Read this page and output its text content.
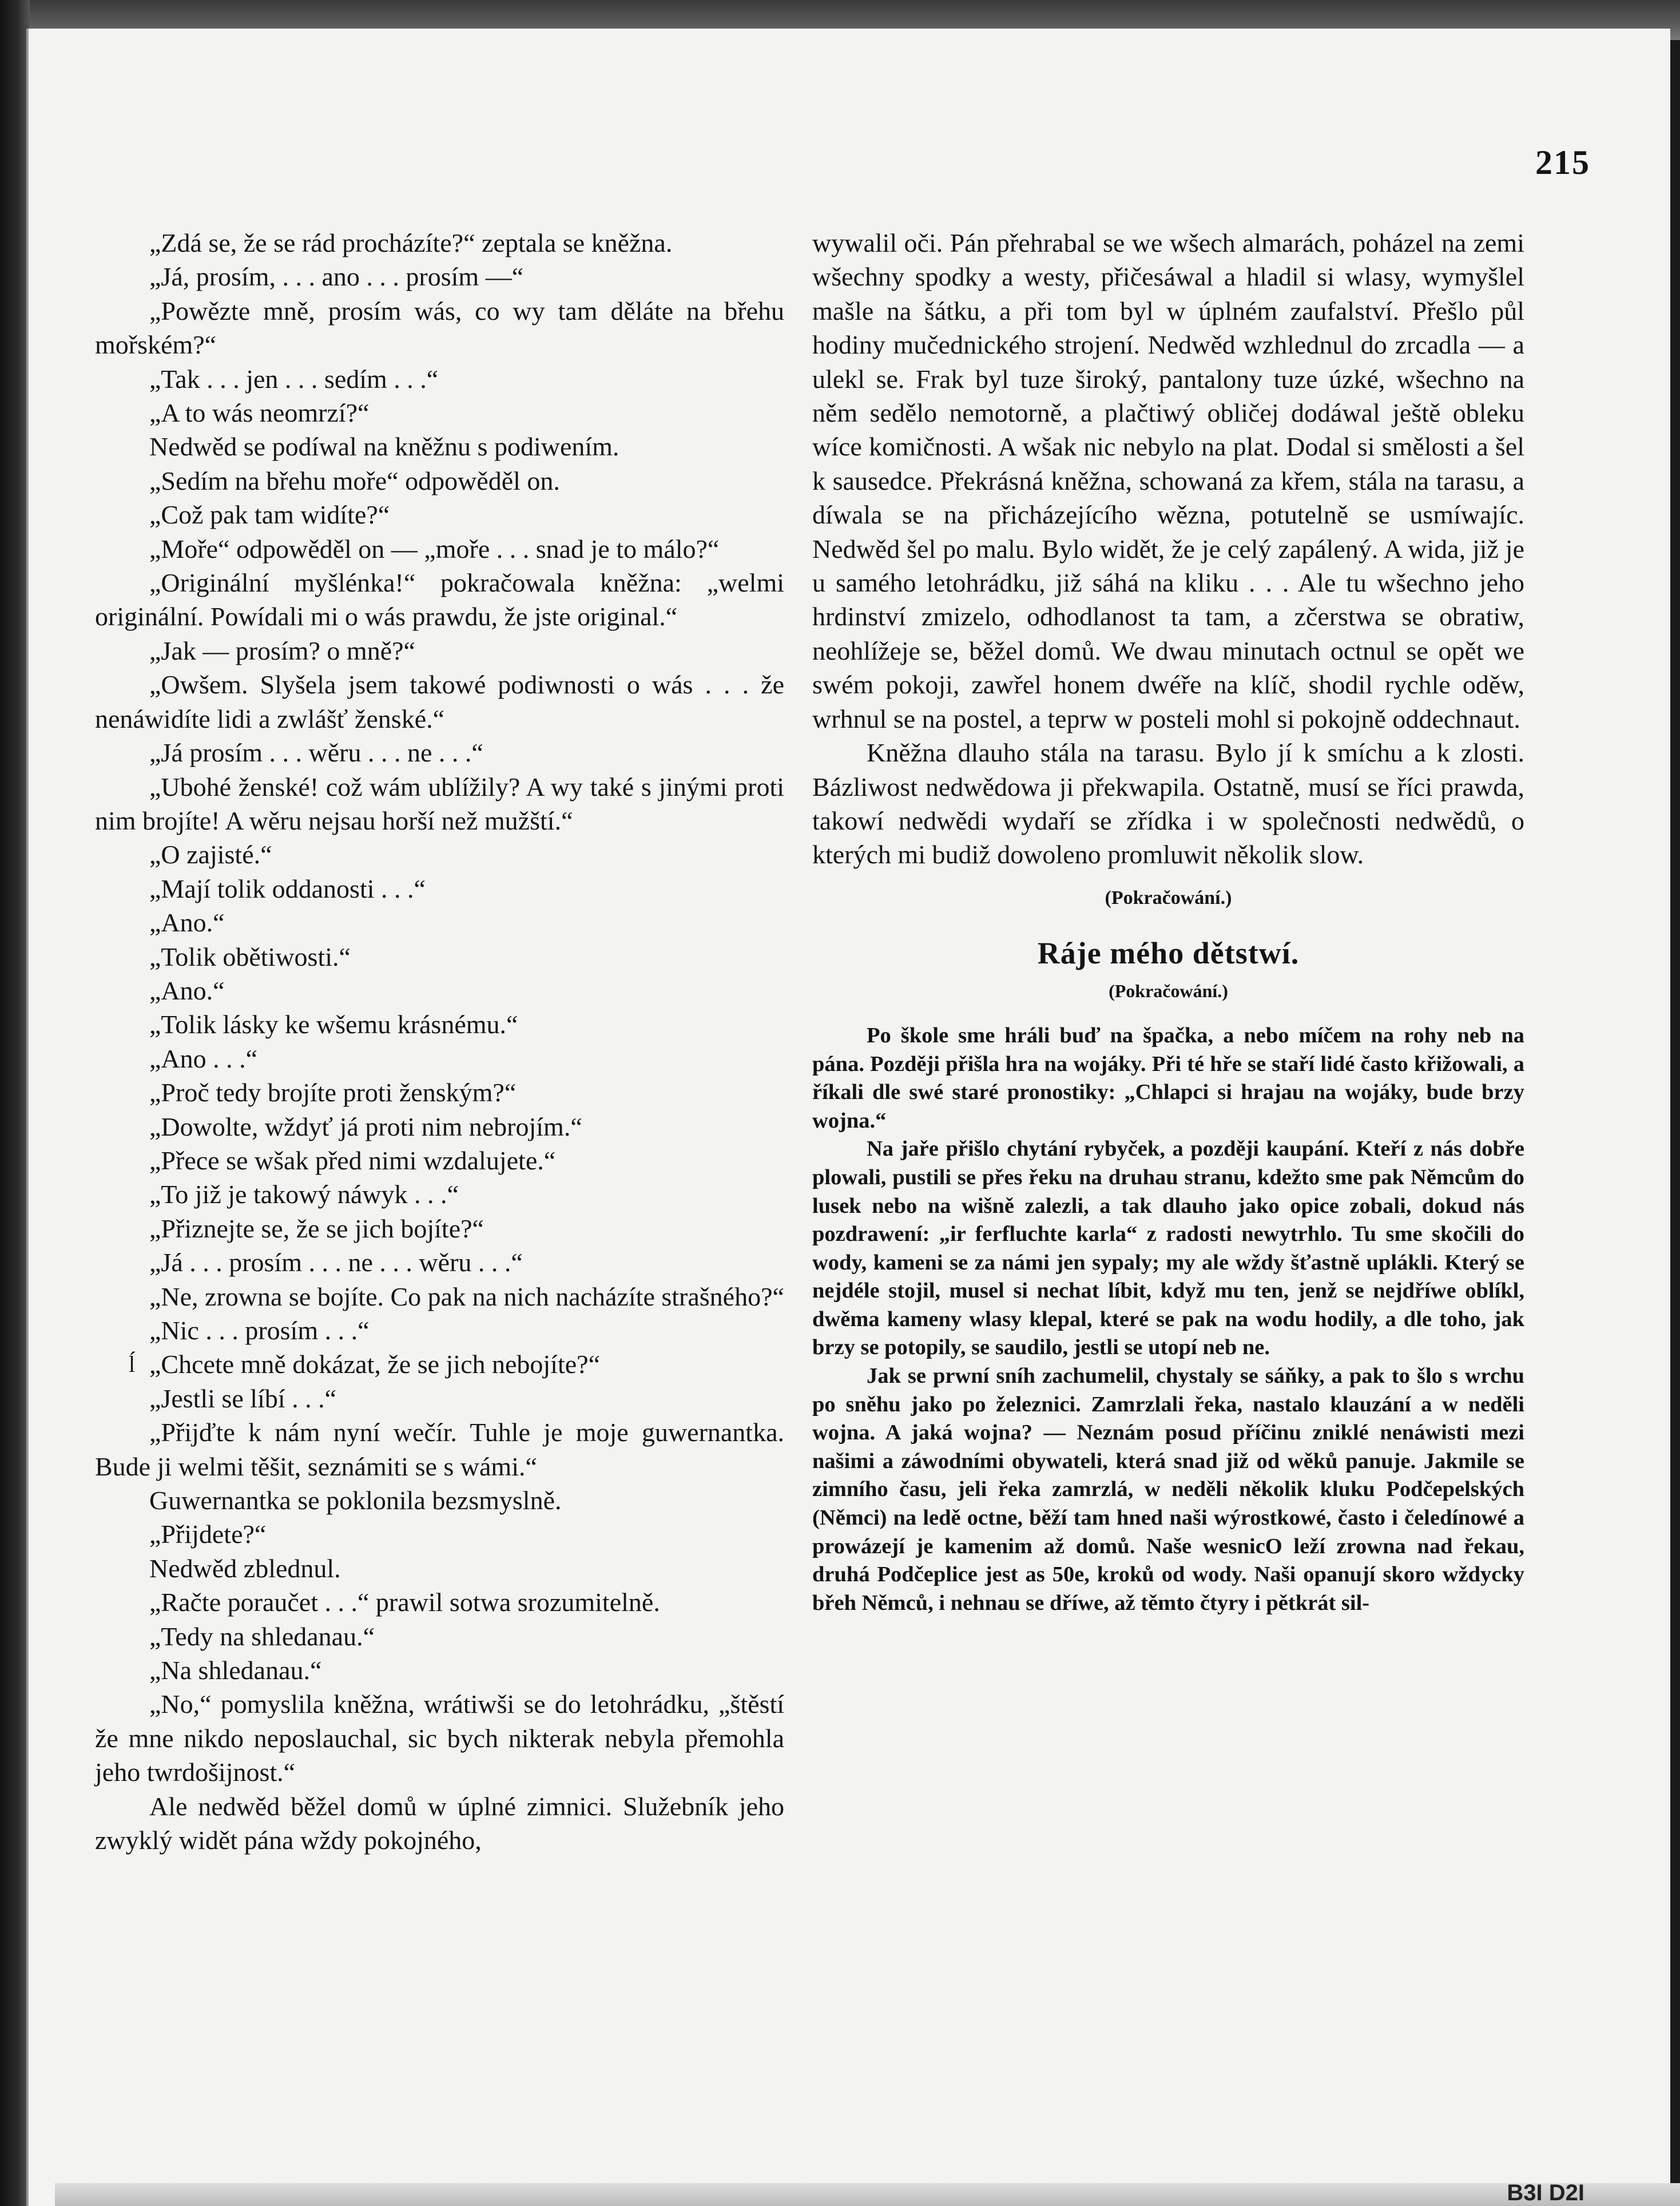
215

„Zdá se, že se rád procházíte?“ zeptala se kněžna.

„Já, prosím, . . . ano . . . prosím —“

„Powězte mně, prosím wás, co wy tam děláte na břehu mořském?“

„Tak . . . jen . . . sedím . . .“

„A to wás neomrzí?“

Nedwěd se podíwal na kněžnu s podiwením.

„Sedím na břehu moře“ odpowěděl on.

„Což pak tam widíte?“

„Moře“ odpowěděl on — „moře . . . snad je to málo?“

„Originální myšlénka!“ pokračowala kněžna: „welmi originální. Powídali mi o wás prawdu, že jste original.“

„Jak — prosím? o mně?“

„Owšem. Slyšela jsem takowé podiwnosti o wás . . . že nenáwidíte lidi a zwlášť ženské.“

„Já prosím . . . wěru . . . ne . . .“

„Ubohé ženské! což wám ublížily? A wy také s jinými proti nim brojíte! A wěru nejsau horší než mužští.“

„O zajisté.“

„Mají tolik oddanosti . . .“

„Ano.“

„Tolik obětiwosti.“

„Ano.“

„Tolik lásky ke wšemu krásnému.“

„Ano . . .“

„Proč tedy brojíte proti ženským?“

„Dowolte, wždyť já proti nim nebrojím.“

„Přece se wšak před nimi wzdalujete.“

„To již je takowý náwyk . . .“

„Přiznejte se, že se jich bojíte?“

„Já . . . prosím . . . ne . . . wěru . . .“

„Ne, zrowna se bojíte. Co pak na nich nacházíte strašného?“

„Nic . . . prosím . . .“

ĺ „Chcete mně dokázat, že se jich nebojíte?“

„Jestli se líbí . . .“

„Přijďte k nám nyní wečír. Tuhle je moje guwernantka. Bude ji welmi těšit, seznámiti se s wámi.“

Guwernantka se poklonila bezsmyslně.

„Přijdete?“

Nedwěd zblednul.

„Račte poraučet . . .“ prawil sotwa srozumitelně.

„Tedy na shledanau.“

„Na shledanau.“

„No,“ pomyslila kněžna, wrátiwši se do letohrádku, „štěstí že mne nikdo neposlauchal, sic bych nikterak nebyla přemohla jeho twrdošijnost.“

Ale nedwěd běžel domů w úplné zimnici. Služebník jeho zwyklý widět pána wždy pokojného,

wywalil oči. Pán přehrabal se we wšech almarách, poházel na zemi wšechny spodky a westy, přičesáwal a hladil si wlasy, wymyšlel mašle na šátku, a při tom byl w úplném zaufalství. Přešlo půl hodiny mučednického strojení. Nedwěd wzhlednul do zrcadla — a ulekl se. Frak byl tuze široký, pantalony tuze úzké, wšechno na něm sedělo nemotorně, a plačtiwý obličej dodáwal ještě obleku wíce komičnosti. A wšak nic nebylo na plat. Dodal si smělosti a šel k sausedce. Překrásná kněžna, schowaná za křem, stála na tarasu, a díwala se na přicházejícího wězna, potutelně se usmíwajíc. Nedwěd šel po malu. Bylo widět, že je celý zapálený. A wida, již je u samého letohrádku, již sáhá na kliku . . . Ale tu wšechno jeho hrdinství zmizelo, odhodlanost ta tam, a zčerstwa se obratiw, neohlížeje se, běžel domů. We dwau minutach octnul se opět we swém pokoji, zawřel honem dwéře na klíč, shodil rychle oděw, wrhnul se na postel, a teprw w posteli mohl si pokojně oddechnaut.

Kněžna dlauho stála na tarasu. Bylo jí k smíchu a k zlosti. Bázliwost nedwědowa ji překwapila. Ostatně, musí se říci prawda, takowí nedwědi wydaří se zřídka i w společnosti nedwědů, o kterých mi budiž dowoleno promluwit několik slow.

(Pokračowání.)
Ráje mého dětstwí.
(Pokračowání.)

Po škole sme hráli buď na špačka, a nebo míčem na rohy neb na pána. Později přišla hra na wojáky. Při té hře se staří lidé často křižowali, a říkali dle swé staré pronostiky: „Chlapci si hrajau na wojáky, bude brzy wojna.“

Na jaře přišlo chytání rybyček, a později kaupání. Kteří z nás dobře plowali, pustili se přes řeku na druhau stranu, kdežto sme pak Němcům do lusek nebo na wišně zalezli, a tak dlauho jako opice zobali, dokud nás pozdrawení: „ir ferfluchte karla“ z radosti newytrhlo. Tu sme skočili do wody, kameni se za námi jen sypaly; my ale wždy šťastně uplákli. Který se nejdéle stojil, musel si nechat líbit, když mu ten, jenž se nejdříwe oblíkl, dwěma kameny wlasy klepal, které se pak na wodu hodily, a dle toho, jak brzy se potopily, se saudilo, jestli se utopí neb ne.

Jak se prwní sníh zachumelil, chystaly se sáňky, a pak to šlo s wrchu po sněhu jako po železnici. Zamrzlali řeka, nastalo klauzání a w neděli wojna. A jaká wojna? — Neznám posud příčinu zniklé nenáwisti mezi našimi a záwodními obywateli, která snad již od wěků panuje. Jakmile se zimního času, jeli řeka zamrzlá, w neděli několik kluku Podčepelských (Němci) na ledě octne, běží tam hned naši wýrostkowé, často i čeledínowé a prowázejí je kamenim až domů. Naše wesnicO leží zrowna nad řekau, druhá Podčeplice jest as 50e, kroků od wody. Naši opanují skoro wždycky břeh Němců, i nehnau se dříwe, až těmto čtyry i pětkrát sil-

B3I D2I
